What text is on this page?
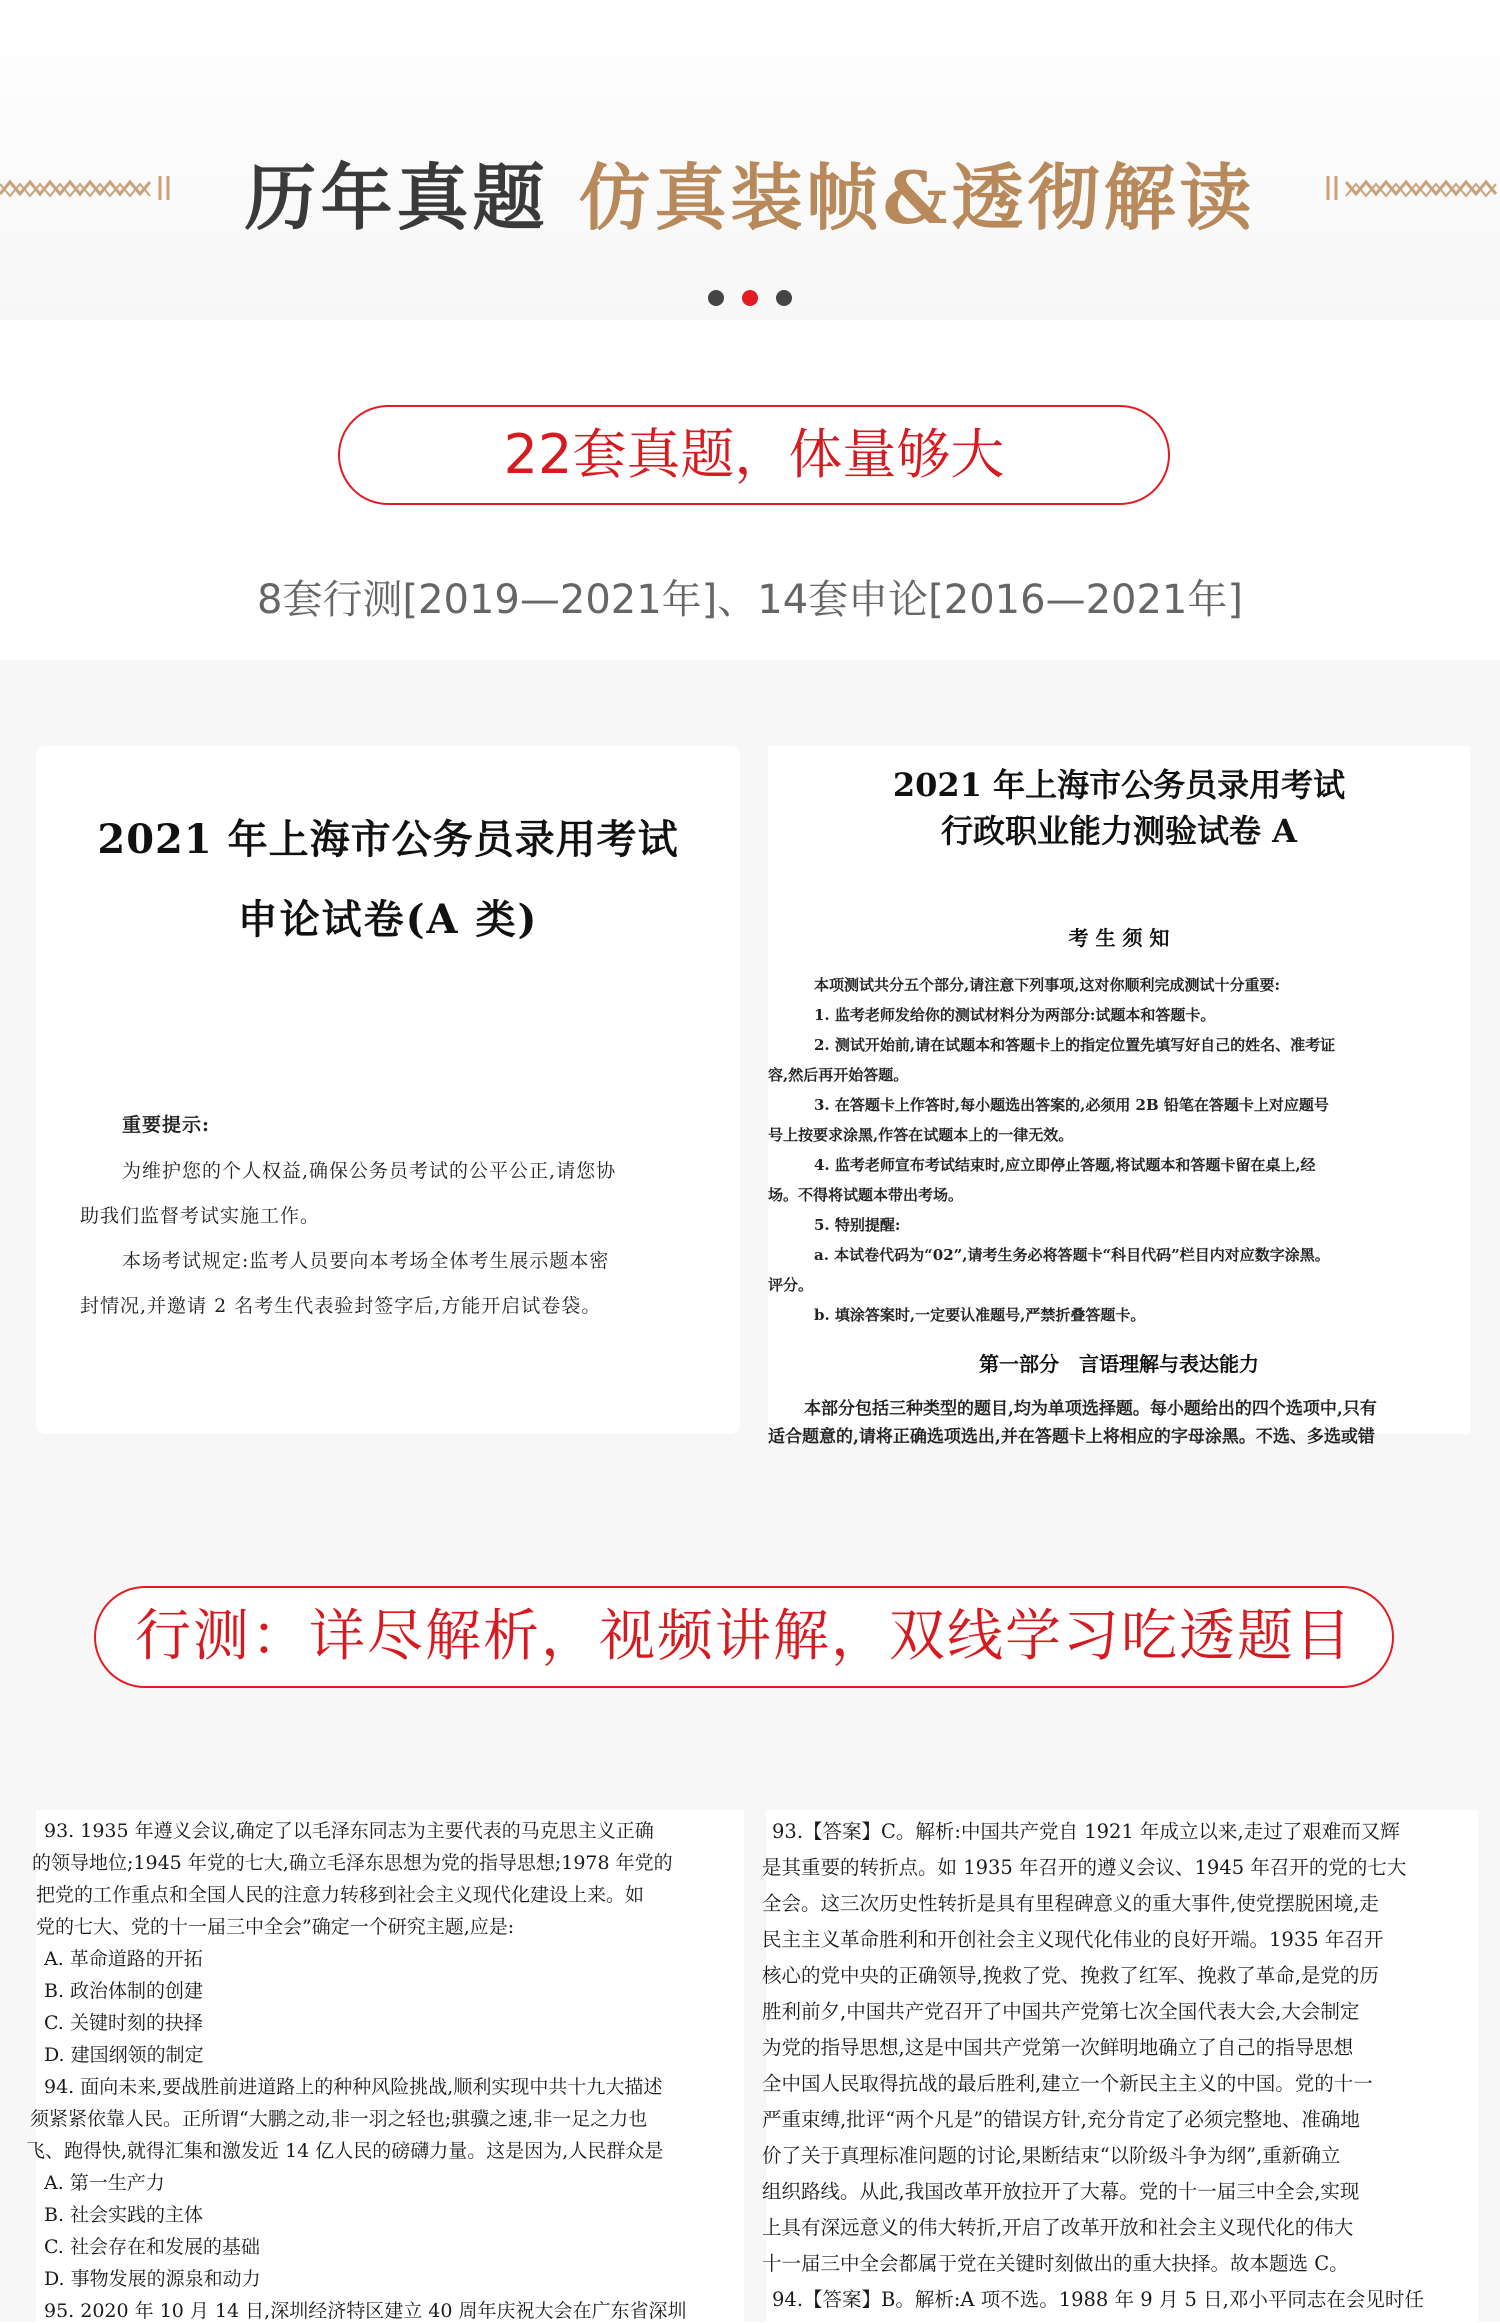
历年真题 仿真装帧&透彻解读
22套真题，体量够大
8套行测[2019—2021年]、14套申论[2016—2021年]
2021 年上海市公务员录用考试
申论试卷(A 类)
重要提示:
为维护您的个人权益,确保公务员考试的公平公正,请您协
助我们监督考试实施工作。
本场考试规定:监考人员要向本考场全体考生展示题本密
封情况,并邀请 2 名考生代表验封签字后,方能开启试卷袋。
2021 年上海市公务员录用考试
行政职业能力测验试卷 A
考 生 须 知
本项测试共分五个部分,请注意下列事项,这对你顺利完成测试十分重要:
1. 监考老师发给你的测试材料分为两部分:试题本和答题卡。
2. 测试开始前,请在试题本和答题卡上的指定位置先填写好自己的姓名、准考证
容,然后再开始答题。
3. 在答题卡上作答时,每小题选出答案的,必须用 2B 铅笔在答题卡上对应题号
号上按要求涂黑,作答在试题本上的一律无效。
4. 监考老师宣布考试结束时,应立即停止答题,将试题本和答题卡留在桌上,经
场。不得将试题本带出考场。
5. 特别提醒:
a. 本试卷代码为“02”,请考生务必将答题卡“科目代码”栏目内对应数字涂黑。
评分。
b. 填涂答案时,一定要认准题号,严禁折叠答题卡。
第一部分　言语理解与表达能力
本部分包括三种类型的题目,均为单项选择题。每小题给出的四个选项中,只有
适合题意的,请将正确选项选出,并在答题卡上将相应的字母涂黑。不选、多选或错
行测：详尽解析，视频讲解，双线学习吃透题目
93. 1935 年遵义会议,确定了以毛泽东同志为主要代表的马克思主义正确
的领导地位;1945 年党的七大,确立毛泽东思想为党的指导思想;1978 年党的
把党的工作重点和全国人民的注意力转移到社会主义现代化建设上来。如
党的七大、党的十一届三中全会”确定一个研究主题,应是:
A. 革命道路的开拓
B. 政治体制的创建
C. 关键时刻的抉择
D. 建国纲领的制定
94. 面向未来,要战胜前进道路上的种种风险挑战,顺利实现中共十九大描述
须紧紧依靠人民。正所谓“大鹏之动,非一羽之轻也;骐骥之速,非一足之力也
飞、跑得快,就得汇集和激发近 14 亿人民的磅礴力量。这是因为,人民群众是
A. 第一生产力
B. 社会实践的主体
C. 社会存在和发展的基础
D. 事物发展的源泉和动力
95. 2020 年 10 月 14 日,深圳经济特区建立 40 周年庆祝大会在广东省深圳
93.【答案】C。解析:中国共产党自 1921 年成立以来,走过了艰难而又辉
是其重要的转折点。如 1935 年召开的遵义会议、1945 年召开的党的七大
全会。这三次历史性转折是具有里程碑意义的重大事件,使党摆脱困境,走
民主主义革命胜利和开创社会主义现代化伟业的良好开端。1935 年召开
核心的党中央的正确领导,挽救了党、挽救了红军、挽救了革命,是党的历
胜利前夕,中国共产党召开了中国共产党第七次全国代表大会,大会制定
为党的指导思想,这是中国共产党第一次鲜明地确立了自己的指导思想
全中国人民取得抗战的最后胜利,建立一个新民主主义的中国。党的十一
严重束缚,批评“两个凡是”的错误方针,充分肯定了必须完整地、准确地
价了关于真理标准问题的讨论,果断结束“以阶级斗争为纲”,重新确立
组织路线。从此,我国改革开放拉开了大幕。党的十一届三中全会,实现
上具有深远意义的伟大转折,开启了改革开放和社会主义现代化的伟大
十一届三中全会都属于党在关键时刻做出的重大抉择。故本题选 C。
94.【答案】B。解析:A 项不选。1988 年 9 月 5 日,邓小平同志在会见时任
